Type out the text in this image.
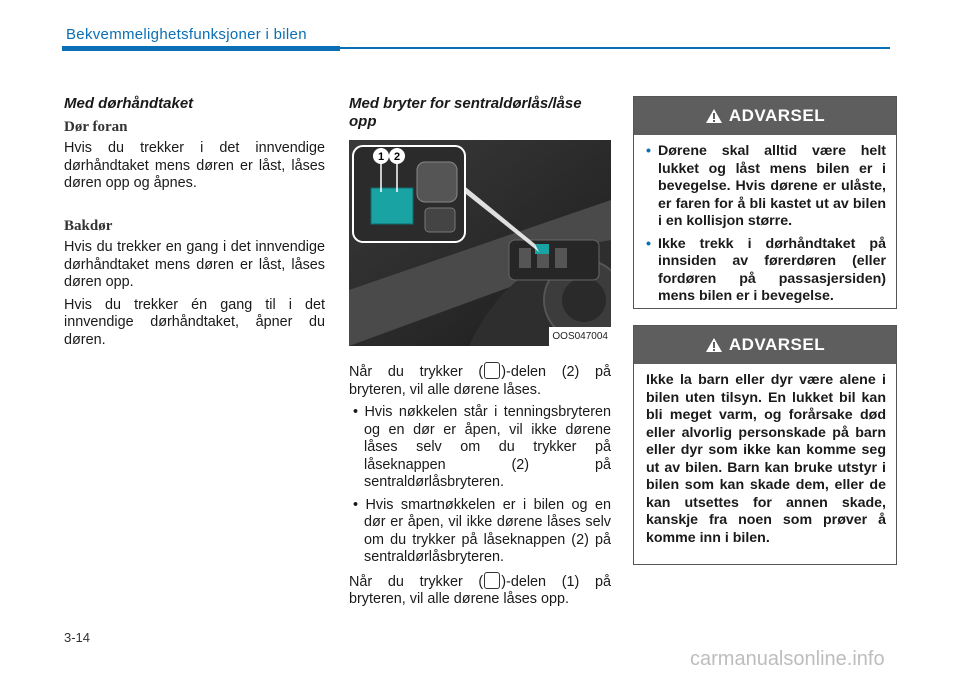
Bekvemmelighetsfunksjoner i bilen
Med dørhåndtaket
Dør foran

Hvis du trekker i det innvendige dørhåndtaket mens døren er låst, låses døren opp og åpnes.

Bakdør

Hvis du trekker en gang i det innvendige dørhåndtaket mens døren er låst, låses døren opp.

Hvis du trekker én gang til i det innvendige dørhåndtaket, åpner du døren.

Med bryter for sentraldørlås/låse opp
1 2
OOS047004

Når du trykker ( )-delen (2) på bryteren, vil alle dørene låses.

• Hvis nøkkelen står i tenningsbryteren og en dør er åpen, vil ikke dørene låses selv om du trykker på låseknappen (2) på sentraldørlåsbryteren.

• Hvis smartnøkkelen er i bilen og en dør er åpen, vil ikke dørene låses selv om du trykker på låseknappen (2) på sentraldørlåsbryteren.

Når du trykker ( )-delen (1) på bryteren, vil alle dørene låses opp.

ADVARSEL
• Dørene skal alltid være helt lukket og låst mens bilen er i bevegelse. Hvis dørene er ulåste, er faren for å bli kastet ut av bilen i en kollisjon større.
• Ikke trekk i dørhåndtaket på innsiden av førerdøren (eller fordøren på passasjersiden) mens bilen er i bevegelse.
ADVARSEL
Ikke la barn eller dyr være alene i bilen uten tilsyn. En lukket bil kan bli meget varm, og forårsake død eller alvorlig personskade på barn eller dyr som ikke kan komme seg ut av bilen. Barn kan bruke utstyr i bilen som kan skade dem, eller de kan utsettes for annen skade, kanskje fra noen som prøver å komme inn i bilen.
3-14
carmanualsonline.info
